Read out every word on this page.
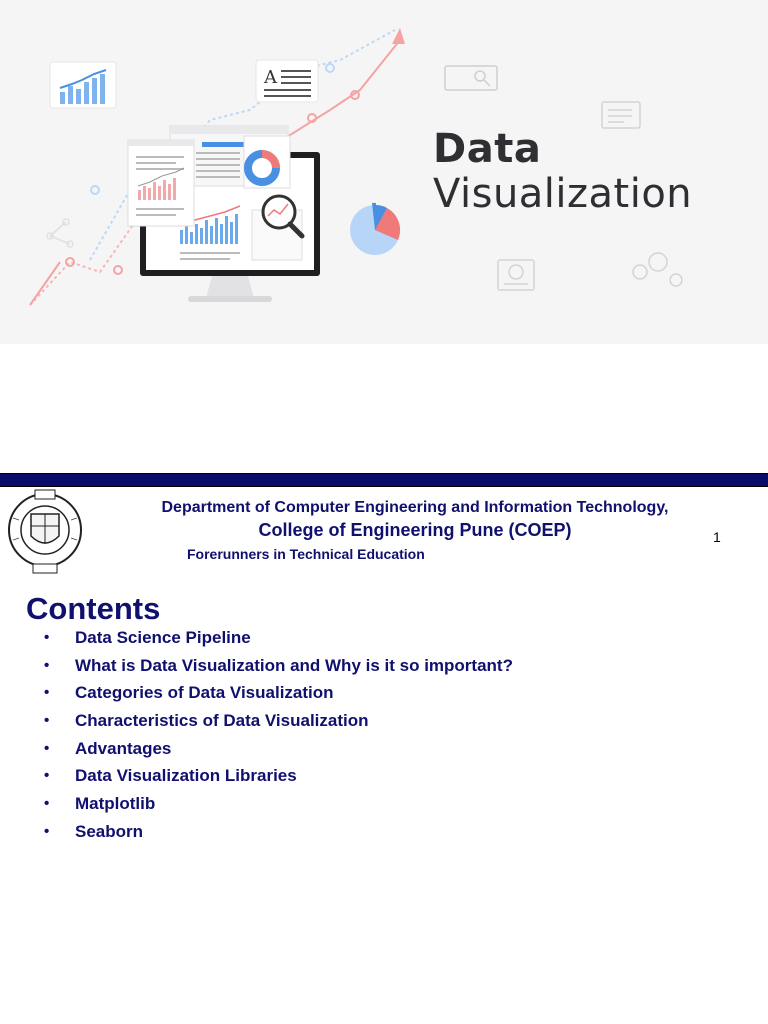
A
Data
Visualization
Department of Computer Engineering and Information Technology,
College of Engineering Pune (COEP)
Forerunners in Technical Education
1
Contents
• Data Science Pipeline
• What is Data Visualization and Why is it so important?
• Categories of Data Visualization
• Characteristics of Data Visualization
• Advantages
• Data Visualization Libraries
• Matplotlib
• Seaborn
